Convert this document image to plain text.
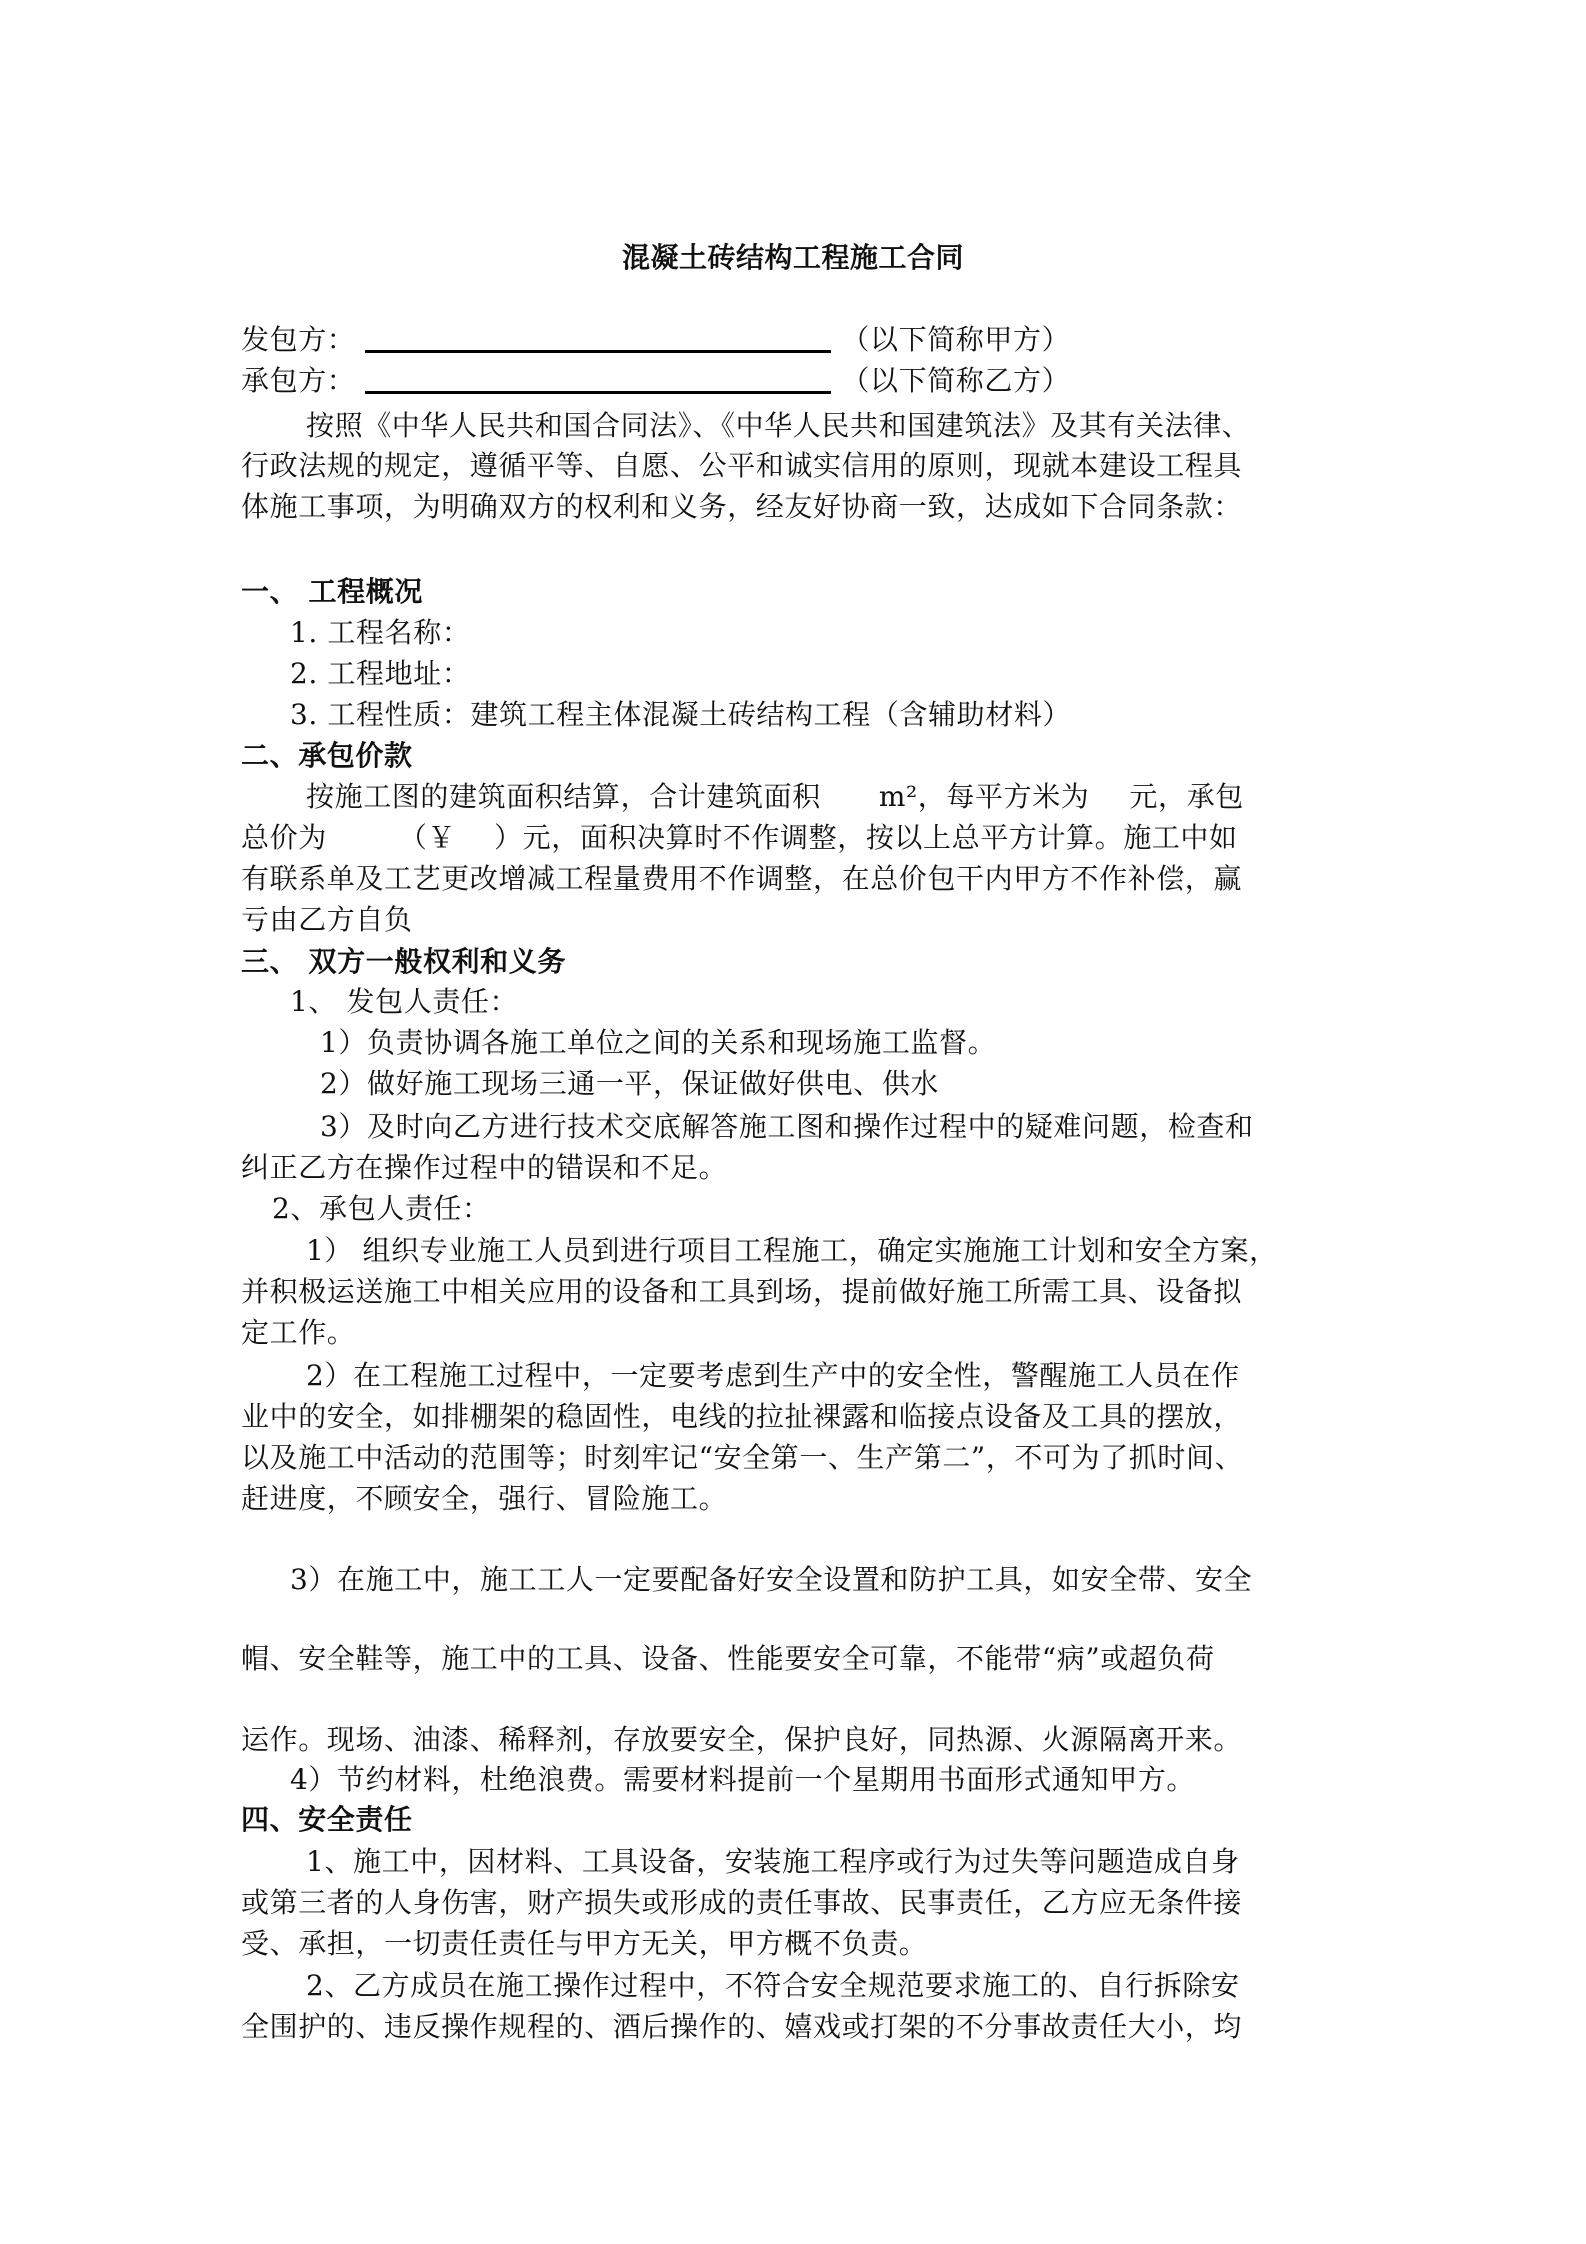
混凝土砖结构工程施工合同
发包方：	（以下简称甲方）
承包方：	（以下简称乙方）
按照《中华人民共和国合同法》、《中华人民共和国建筑法》及其有关法律、
行政法规的规定，遵循平等、自愿、公平和诚实信用的原则，现就本建设工程具
体施工事项，为明确双方的权利和义务，经友好协商一致，达成如下合同条款：
一、 工程概况
1. 工程名称：
2. 工程地址：
3. 工程性质：建筑工程主体混凝土砖结构工程（含辅助材料）
二、承包价款
按施工图的建筑面积结算，合计建筑面积 m²，每平方米为 元，承包
总价为	（￥ ）元，面积决算时不作调整，按以上总平方计算。施工中如
有联系单及工艺更改增减工程量费用不作调整，在总价包干内甲方不作补偿，赢
亏由乙方自负
三、 双方一般权利和义务
1、 发包人责任：
1）负责协调各施工单位之间的关系和现场施工监督。
2）做好施工现场三通一平，保证做好供电、供水
3）及时向乙方进行技术交底解答施工图和操作过程中的疑难问题，检查和
纠正乙方在操作过程中的错误和不足。
2、承包人责任：
1） 组织专业施工人员到进行项目工程施工，确定实施施工计划和安全方案，
并积极运送施工中相关应用的设备和工具到场，提前做好施工所需工具、设备拟
定工作。
2）在工程施工过程中，一定要考虑到生产中的安全性，警醒施工人员在作
业中的安全，如排棚架的稳固性，电线的拉扯裸露和临接点设备及工具的摆放，
以及施工中活动的范围等；时刻牢记“安全第一、生产第二”，不可为了抓时间、
赶进度，不顾安全，强行、冒险施工。
3）在施工中，施工工人一定要配备好安全设置和防护工具，如安全带、安全
帽、安全鞋等，施工中的工具、设备、性能要安全可靠，不能带“病”或超负荷
运作。现场、油漆、稀释剂，存放要安全，保护良好，同热源、火源隔离开来。
4）节约材料，杜绝浪费。需要材料提前一个星期用书面形式通知甲方。
四、安全责任
1、施工中，因材料、工具设备，安装施工程序或行为过失等问题造成自身
或第三者的人身伤害，财产损失或形成的责任事故、民事责任，乙方应无条件接
受、承担，一切责任责任与甲方无关，甲方概不负责。
2、乙方成员在施工操作过程中，不符合安全规范要求施工的、自行拆除安
全围护的、违反操作规程的、酒后操作的、嬉戏或打架的不分事故责任大小，均
